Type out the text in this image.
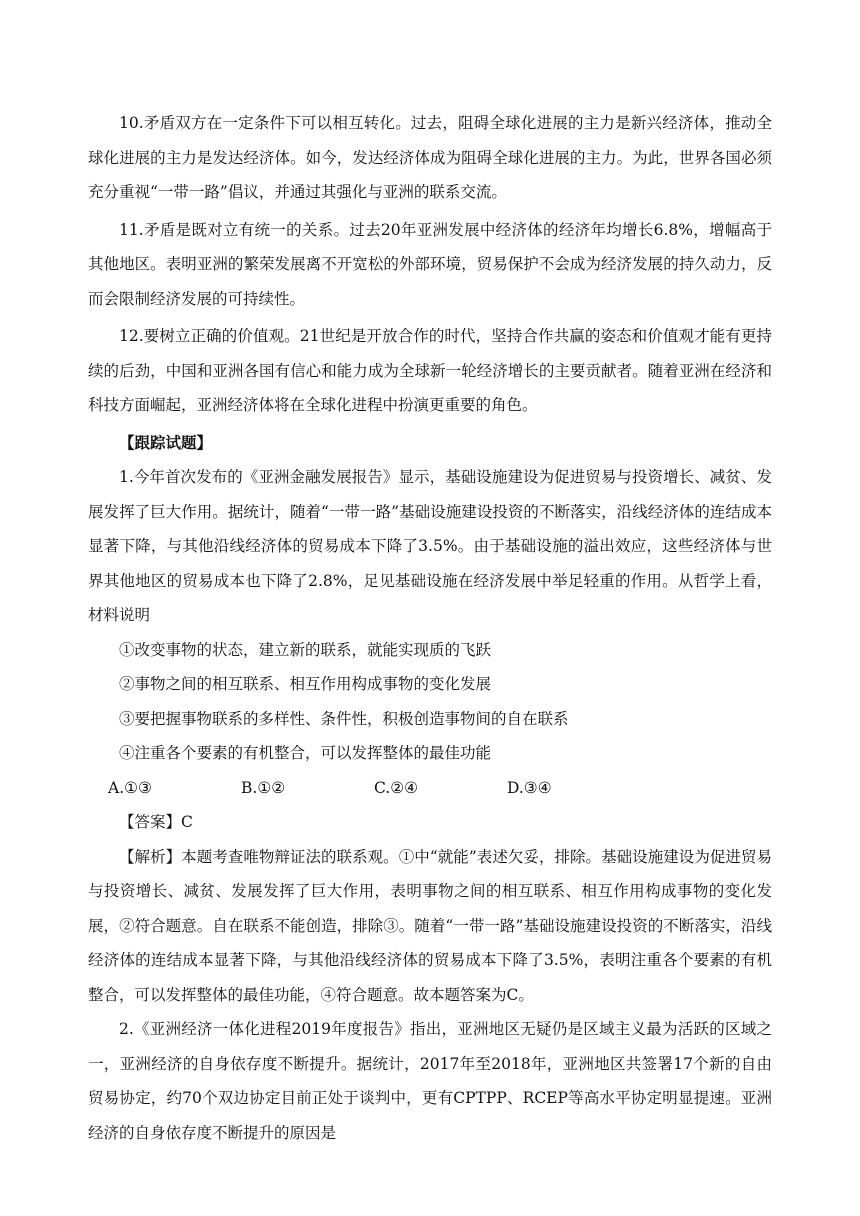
10.矛盾双方在一定条件下可以相互转化。过去，阻碍全球化进展的主力是新兴经济体，推动全球化进展的主力是发达经济体。如今，发达经济体成为阻碍全球化进展的主力。为此，世界各国必须充分重视“一带一路”倡议，并通过其强化与亚洲的联系交流。

11.矛盾是既对立有统一的关系。过去20年亚洲发展中经济体的经济年均增长6.8%，增幅高于其他地区。表明亚洲的繁荣发展离不开宽松的外部环境，贸易保护不会成为经济发展的持久动力，反而会限制经济发展的可持续性。

12.要树立正确的价值观。21世纪是开放合作的时代，坚持合作共赢的姿态和价值观才能有更持续的后劲，中国和亚洲各国有信心和能力成为全球新一轮经济增长的主要贡献者。随着亚洲在经济和科技方面崛起，亚洲经济体将在全球化进程中扮演更重要的角色。

【跟踪试题】

1.今年首次发布的《亚洲金融发展报告》显示，基础设施建设为促进贸易与投资增长、减贫、发展发挥了巨大作用。据统计，随着“一带一路”基础设施建设投资的不断落实，沿线经济体的连结成本显著下降，与其他沿线经济体的贸易成本下降了3.5%。由于基础设施的溢出效应，这些经济体与世界其他地区的贸易成本也下降了2.8%，足见基础设施在经济发展中举足轻重的作用。从哲学上看，材料说明

①改变事物的状态，建立新的联系，就能实现质的飞跃

②事物之间的相互联系、相互作用构成事物的变化发展

③要把握事物联系的多样性、条件性，积极创造事物间的自在联系

④注重各个要素的有机整合，可以发挥整体的最佳功能

A.①③	B.①②	C.②④	D.③④

【答案】C

【解析】本题考查唯物辩证法的联系观。①中“就能”表述欠妥，排除。基础设施建设为促进贸易与投资增长、减贫、发展发挥了巨大作用，表明事物之间的相互联系、相互作用构成事物的变化发展，②符合题意。自在联系不能创造，排除③。随着“一带一路”基础设施建设投资的不断落实，沿线经济体的连结成本显著下降，与其他沿线经济体的贸易成本下降了3.5%，表明注重各个要素的有机整合，可以发挥整体的最佳功能，④符合题意。故本题答案为C。

2.《亚洲经济一体化进程2019年度报告》指出，亚洲地区无疑仍是区域主义最为活跃的区域之一，亚洲经济的自身依存度不断提升。据统计，2017年至2018年，亚洲地区共签署17个新的自由贸易协定，约70个双边协定目前正处于谈判中，更有CPTPP、RCEP等高水平协定明显提速。亚洲经济的自身依存度不断提升的原因是
